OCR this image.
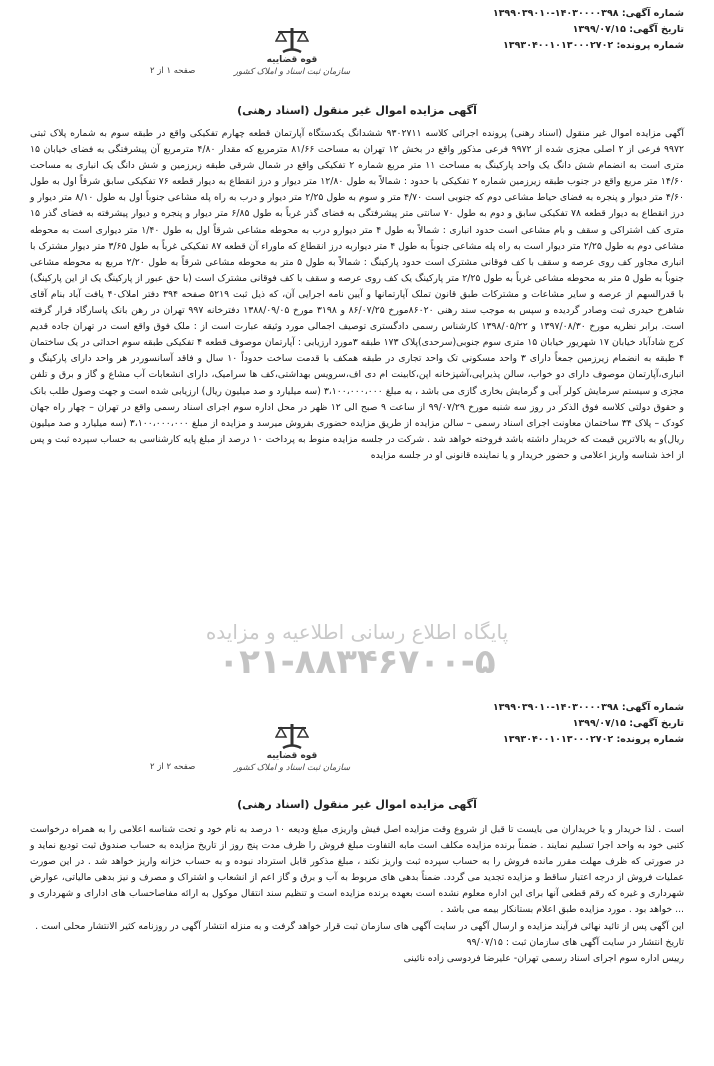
شماره آگهی: ۱۴۰۳۰۰۰۰۳۹۸-۱۳۹۹۰۳۹۰۱۰
تاریخ آگهی: ۱۳۹۹/۰۷/۱۵
شماره پرونده: ۱۳۹۳۰۴۰۰۱۰۱۳۰۰۰۲۷۰۲
قوه قضاییه
سازمان ثبت اسناد و املاک کشور
صفحه ۱ از ۲
آگهی مزایده اموال غیر منقول (اسناد رهنی)

آگهی مزایده اموال غیر منقول (اسناد رهنی) پرونده اجرائی کلاسه ۹۳۰۲۷۱۱ ششدانگ یکدستگاه آپارتمان قطعه چهارم تفکیکی واقع در طبقه سوم به شماره پلاک ثبتی ۹۹۷۲ فرعی از ۲ اصلی مجزی شده از ۹۹۷۲ فرعی مذکور واقع در بخش ۱۲ تهران به مساحت ۸۱/۶۶ مترمربع که مقدار ۴/۸۰ مترمربع آن پیشرفتگی به فضای خیابان ۱۵ متری است به انضمام شش دانگ یک واحد پارکینگ به مساحت ۱۱ متر مربع شماره ۲ تفکیکی واقع در شمال شرقی طبقه زیرزمین و شش دانگ یک انباری به مساحت ۱۴/۶۰ متر مربع واقع در جنوب طبقه زیرزمین شماره ۲ تفکیکی با حدود : شمالاً به طول ۱۲/۸۰ متر دیوار و درز انقطاع به دیوار قطعه ۷۶ تفکیکی سابق شرقاً اول به طول ۴/۶۰ متر دیوار و پنجره به فضای حیاط مشاعی دوم که جنوبی است ۴/۷۰ متر و سوم به طول ۲/۲۵ متر دیوار و درب به راه پله مشاعی جنوباً اول به طول ۸/۱۰ متر دیوار و درز انقطاع به دیوار قطعه ۷۸ تفکیکی سابق و دوم به طول ۷۰ سانتی متر پیشرفتگی به فضای گذر غرباً به طول ۶/۸۵ متر دیوار و پنجره و دیوار پیشرفته به فضای گذر ۱۵ متری کف اشتراکی و سقف و بام مشاعی است حدود انباری : شمالاً به طول ۴ متر دیوارو درب به محوطه مشاعی شرقاً اول به طول ۱/۴۰ متر دیواری است به محوطه مشاعی دوم به طول ۲/۲۵ متر دیوار است به راه پله مشاعی جنوباً به طول ۴ متر دیواربه درز انقطاع که ماوراء آن قطعه ۸۷ تفکیکی غرباً به طول ۳/۶۵ متر دیوار مشترک با انباری مجاور کف روی عرصه و سقف با کف فوقانی مشترک است حدود پارکینگ : شمالاً به طول ۵ متر به محوطه مشاعی شرقاً به طول ۲/۲۰ مربع به محوطه مشاعی جنوباً به طول ۵ متر به محوطه مشاعی غرباً به طول ۲/۲۵ متر پارکینگ یک کف روی عرصه و سقف با کف فوقانی مشترک است (با حق عبور از پارکینگ یک از این پارکینگ) با قدرالسهم از عرصه و سایر مشاعات و مشترکات طبق قانون تملک آپارتمانها و آیین نامه اجرایی آن، که ذیل ثبت ۵۲۱۹ صفحه ۳۹۴ دفتر املاک۴۰ یافت آباد بنام آقای شاهرخ حیدری ثبت وصادر گردیده و سپس به موجب سند رهنی ۸۶۰۲۰مورخ ۸۶/۰۷/۲۵ و ۳۱۹۸ مورخ ۱۳۸۸/۰۹/۰۵ دفترخانه ۹۹۷ تهران در رهن بانک پاسارگاد قرار گرفته است. برابر نظریه مورخ ۱۳۹۷/۰۸/۳۰ و ۱۳۹۸/۰۵/۲۲ کارشناس رسمی دادگستری توصیف اجمالی مورد وثیقه عبارت است از : ملک فوق واقع است در تهران جاده قدیم کرج شادآباد خیابان ۱۷ شهریور خیابان ۱۵ متری سوم جنوبی(سرحدی)پلاک ۱۷۳ طبقه ۳مورد ارزیابی : آپارتمان موصوف قطعه ۴ تفکیکی طبقه سوم احداثی در یک ساختمان ۴ طبقه به انضمام زیرزمین جمعاً دارای ۳ واحد مسکونی تک واحد تجاری در طبقه همکف با قدمت ساخت حدوداً ۱۰ سال و فاقد آسانسوردر هر واحد دارای پارکینگ و انباری،آپارتمان موصوف دارای دو خواب، سالن پذیرایی،آشپزخانه اپن،کابینت ام دی اف،سرویس بهداشتی،کف ها سرامیک، دارای انشعابات آب مشاع و گاز و برق و تلفن مجزی و سیستم سرمایش کولر آبی و گرمایش بخاری گازی می باشد ، به مبلغ ۳،۱۰۰،۰۰۰،۰۰۰ (سه میلیارد و صد میلیون ریال) ارزیابی شده است و جهت وصول طلب بانک و حقوق دولتی کلاسه فوق الذکر در روز سه شنبه مورخ ۹۹/۰۷/۲۹ از ساعت ۹ صبح الی ۱۲ ظهر در محل اداره سوم اجرای اسناد رسمی واقع در تهران – چهار راه جهان کودک – پلاک ۳۴ ساختمان معاونت اجرای اسناد رسمی – سالن مزایده از طریق مزایده حضوری بفروش میرسد و مزایده از مبلغ ۳،۱۰۰،۰۰۰،۰۰۰ (سه میلیارد و صد میلیون ریال)و به بالاترین قیمت که خریدار داشته باشد فروخته خواهد شد . شرکت در جلسه مزایده منوط به پرداخت ۱۰ درصد از مبلغ پایه کارشناسی به حساب سپرده ثبت و پس از اخذ شناسه واریز اعلامی و حضور خریدار و یا نماینده قانونی او در جلسه مزایده

پایگاه اطلاع رسانی اطلاعیه و مزایده
۰۲۱-۸۸۳۴۶۷۰۰-۵
شماره آگهی: ۱۴۰۳۰۰۰۰۳۹۸-۱۳۹۹۰۳۹۰۱۰
تاریخ آگهی: ۱۳۹۹/۰۷/۱۵
شماره پرونده: ۱۳۹۳۰۴۰۰۱۰۱۳۰۰۰۲۷۰۲
قوه قضاییه
سازمان ثبت اسناد و املاک کشور
صفحه ۲ از ۲
آگهی مزایده اموال غیر منقول (اسناد رهنی)

است . لذا خریدار و یا خریداران می بایست تا قبل از شروع وقت مزایده اصل فیش واریزی مبلغ ودیعه ۱۰ درصد به نام خود و تحت شناسه اعلامی را به همراه درخواست کتبی خود به واحد اجرا تسلیم نمایند . ضمناً برنده مزایده مکلف است مابه التفاوت مبلغ فروش را ظرف مدت پنج روز از تاریخ مزایده به حساب صندوق ثبت تودیع نماید و در صورتی که ظرف مهلت مقرر مانده فروش را به حساب سپرده ثبت واریز نکند ، مبلغ مذکور قابل استرداد نبوده و به حساب خزانه واریز خواهد شد . در این صورت عملیات فروش از درجه اعتبار ساقط و مزایده تجدید می گردد. ضمناً بدهی های مربوط به آب و برق و گاز اعم از انشعاب و اشتراک و مصرف و نیز بدهی مالیاتی، عوارض شهرداری و غیره که رقم قطعی آنها برای این اداره معلوم نشده است بعهده برنده مزایده است و تنظیم سند انتقال موکول به ارائه مفاصاحساب های ادارای و شهرداری و ... خواهد بود . مورد مزایده طبق اعلام بستانکار بیمه می باشد .

این آگهی پس از تائید نهائی فرآیند مزایده و ارسال آگهی در سایت آگهی های سازمان ثبت قرار خواهد گرفت و به منزله انتشار آگهی در روزنامه کثیر الانتشار محلی است .

تاریخ انتشار در سایت آگهی های سازمان ثبت : ۹۹/۰۷/۱۵

رییس اداره سوم اجرای اسناد رسمی تهران- علیرضا فردوسی زاده نائینی
